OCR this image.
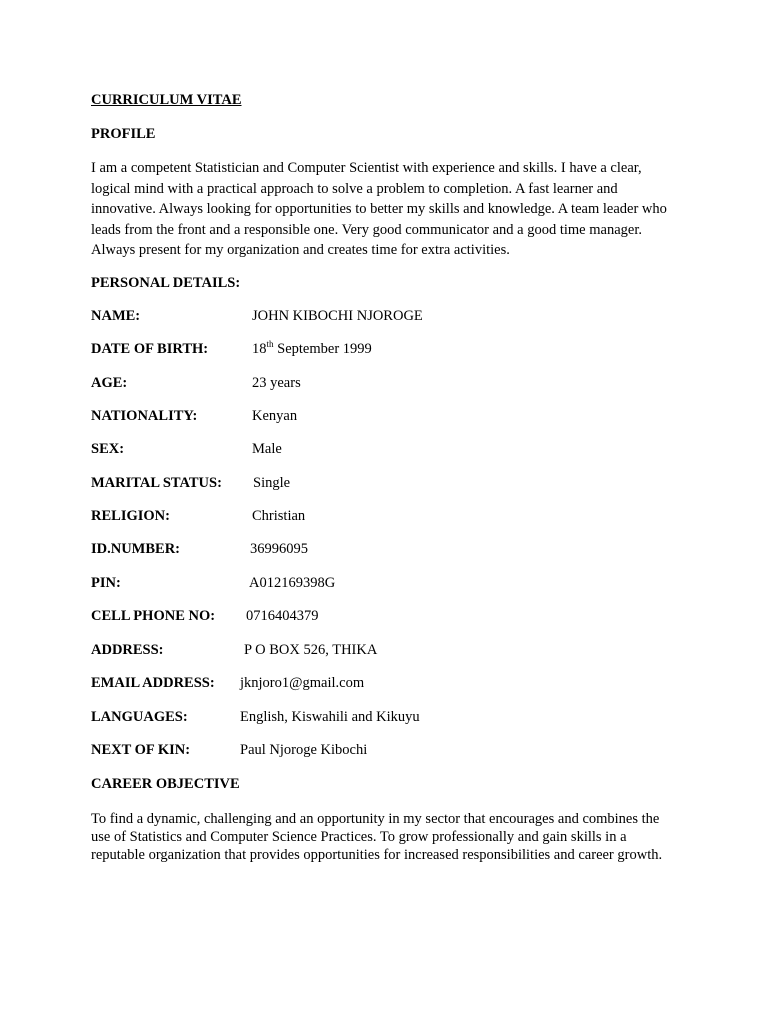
CURRICULUM VITAE
PROFILE
I am a competent Statistician and Computer Scientist with experience and skills. I have a clear, logical mind with a practical approach to solve a problem to completion. A fast learner and innovative. Always looking for opportunities to better my skills and knowledge. A team leader who leads from the front and a responsible one. Very good communicator and a good time manager. Always present for my organization and creates time for extra activities.
PERSONAL DETAILS:
NAME:	JOHN KIBOCHI NJOROGE
DATE OF BIRTH:	18th September 1999
AGE:	23 years
NATIONALITY:	Kenyan
SEX:	Male
MARITAL STATUS: Single
RELIGION:	Christian
ID.NUMBER:	36996095
PIN:	A012169398G
CELL PHONE NO: 0716404379
ADDRESS:	P O BOX 526, THIKA
EMAIL ADDRESS: jknjoro1@gmail.com
LANGUAGES:	English, Kiswahili and Kikuyu
NEXT OF KIN:	Paul Njoroge Kibochi
CAREER OBJECTIVE
To find a dynamic, challenging and an opportunity in my sector that encourages and combines the use of Statistics and Computer Science Practices. To grow professionally and gain skills in a reputable organization that provides opportunities for increased responsibilities and career growth.
